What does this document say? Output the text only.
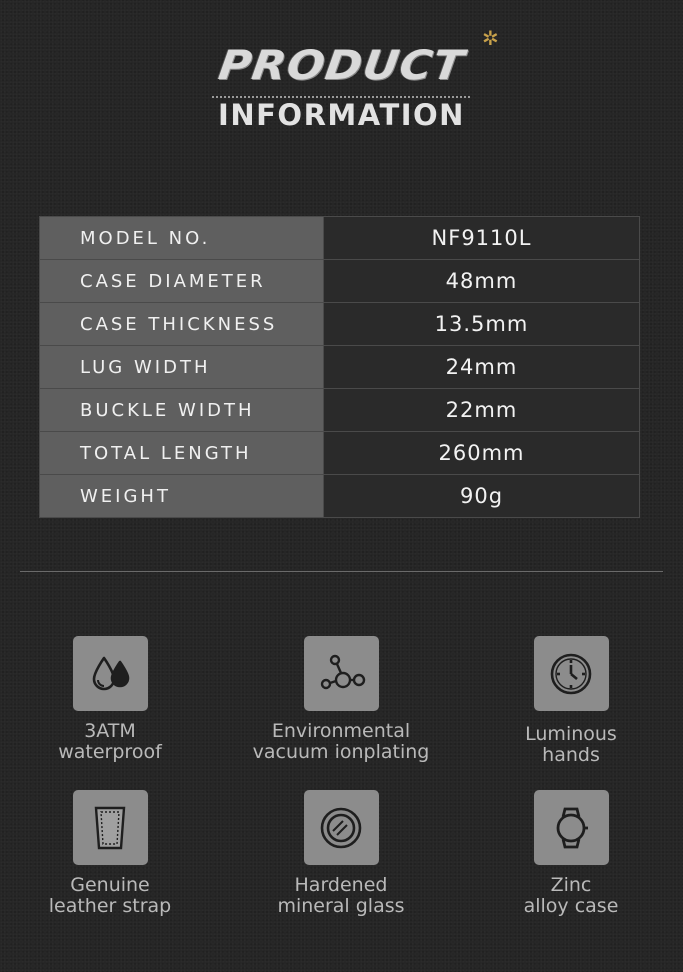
PRODUCT
✲
INFORMATION
MODEL NO.	NF9110L
CASE DIAMETER	48mm
CASE THICKNESS	13.5mm
LUG WIDTH	24mm
BUCKLE WIDTH	22mm
TOTAL LENGTH	260mm
WEIGHT	90g
3ATM
waterproof
Environmental
vacuum ionplating
Luminous
hands
Genuine
leather strap
Hardened
mineral glass
Zinc
alloy case
